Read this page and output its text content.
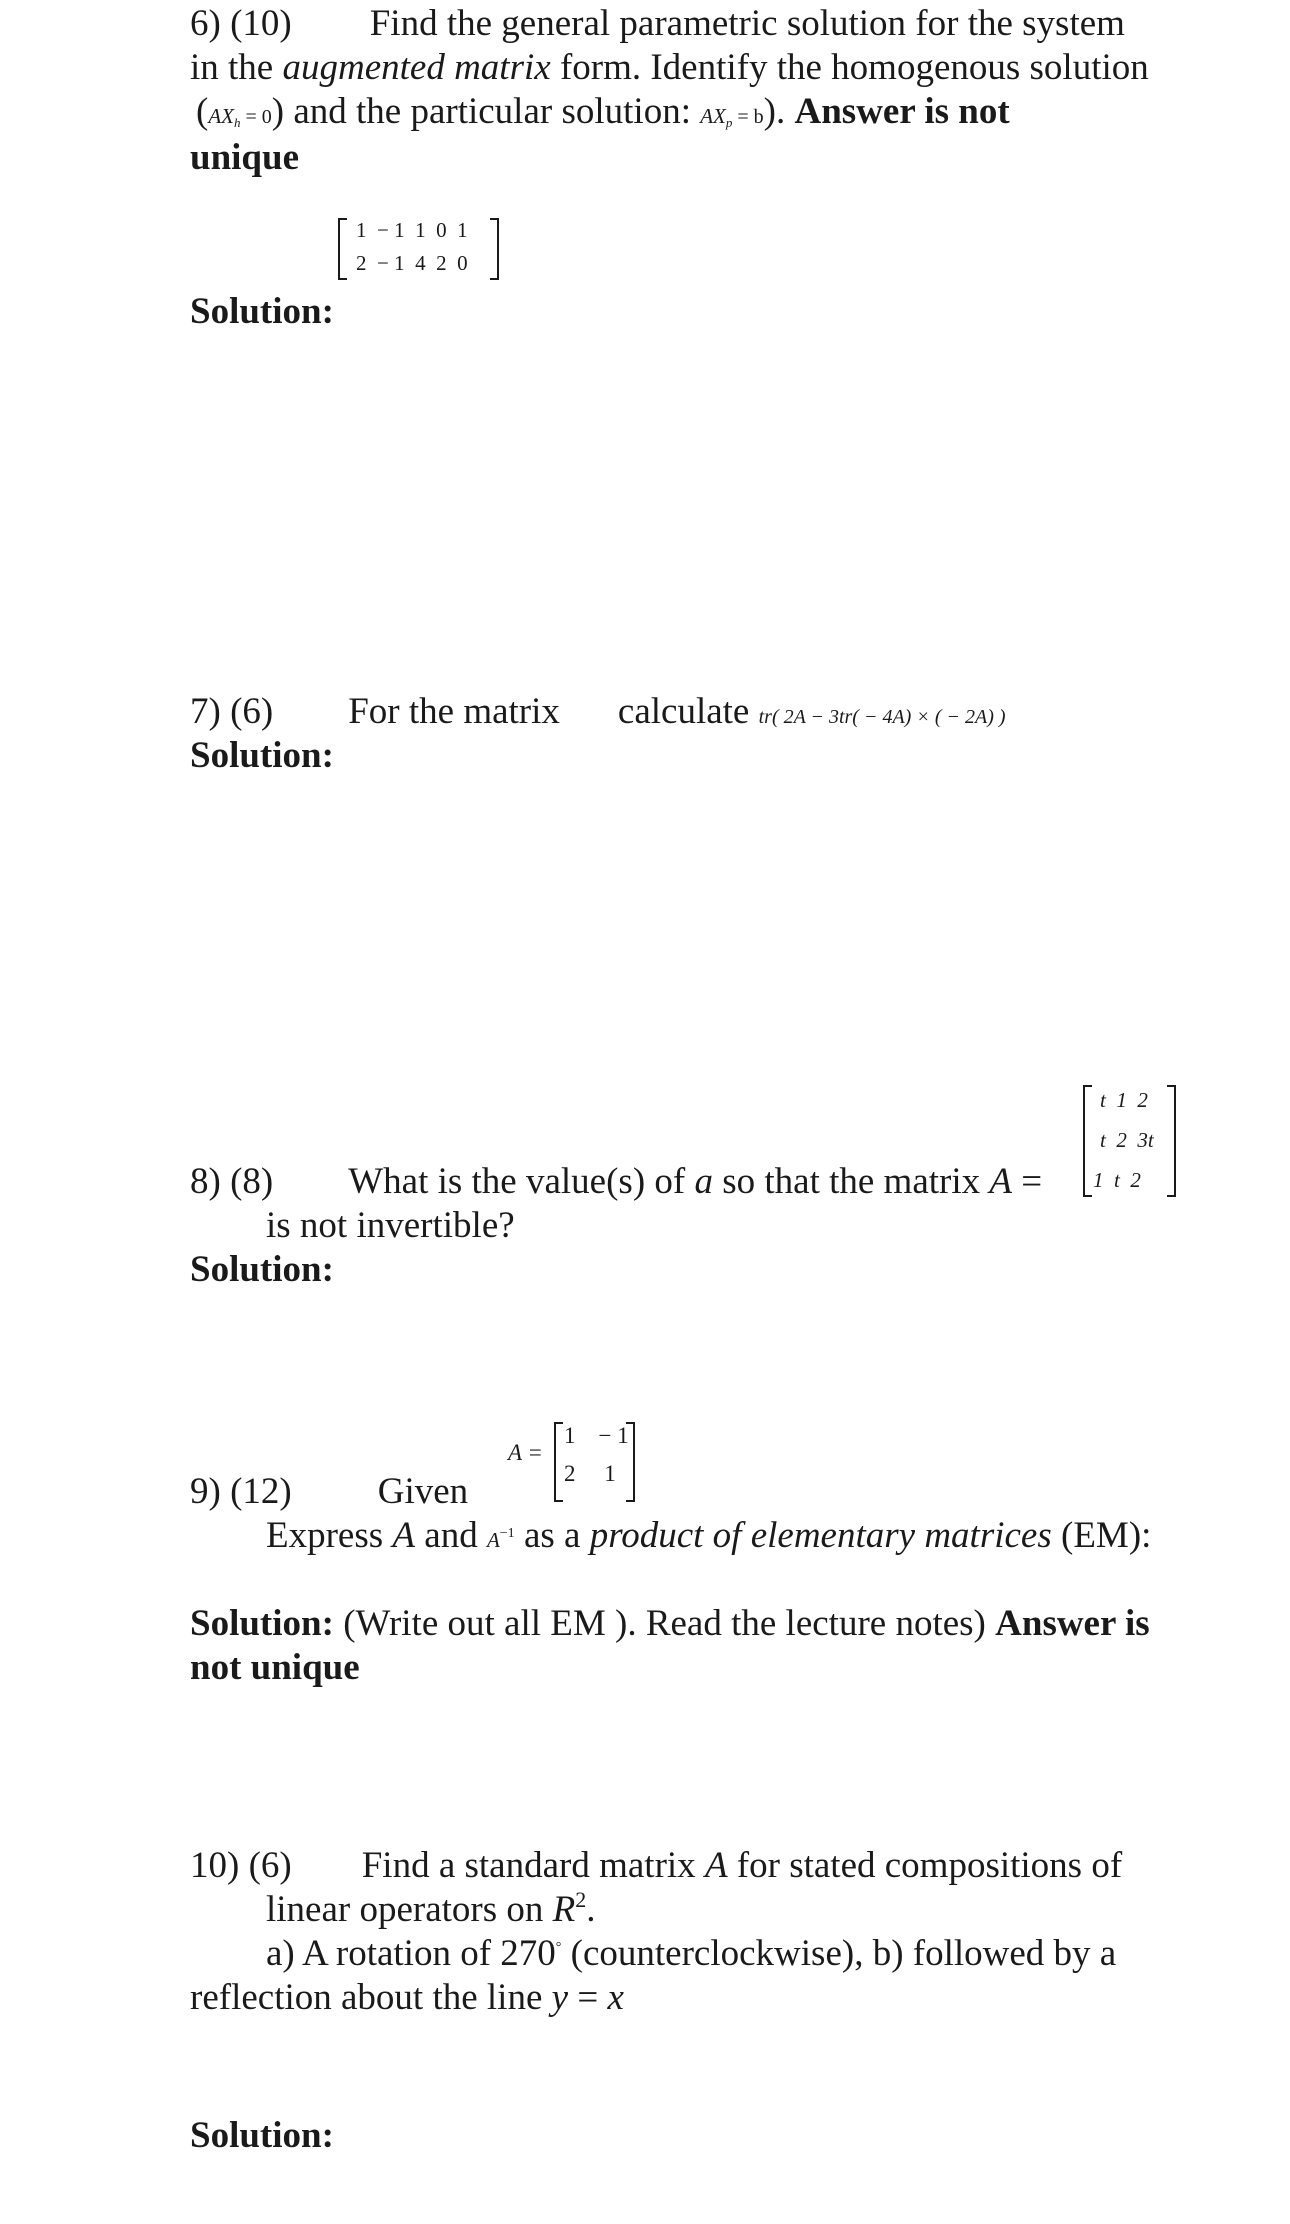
6) (10) Find the general parametric solution for the system
in the augmented matrix form. Identify the homogenous solution
(AXh = 0) and the particular solution: AXp = b). Answer is not
unique
1  − 1  1  0  1
2  − 1  4  2  0
Solution:
7) (6) For the matrix calculate tr( 2A − 3tr( − 4A) × ( − 2A) )
Solution:
t  1  2
t  2  3t
1  t  2
8) (8) What is the value(s) of a so that the matrix A =
is not invertible?
Solution:
A =
1    − 1
2     1
9) (12) Given
Express A and $A^{-1}$ as a product of elementary matrices (EM):
Solution: (Write out all EM ). Read the lecture notes) Answer is
not unique
10) (6) Find a standard matrix A for stated compositions of
linear operators on $R^2$.
a) A rotation of 270° (counterclockwise), b) followed by a
reflection about the line y = x
Solution:
